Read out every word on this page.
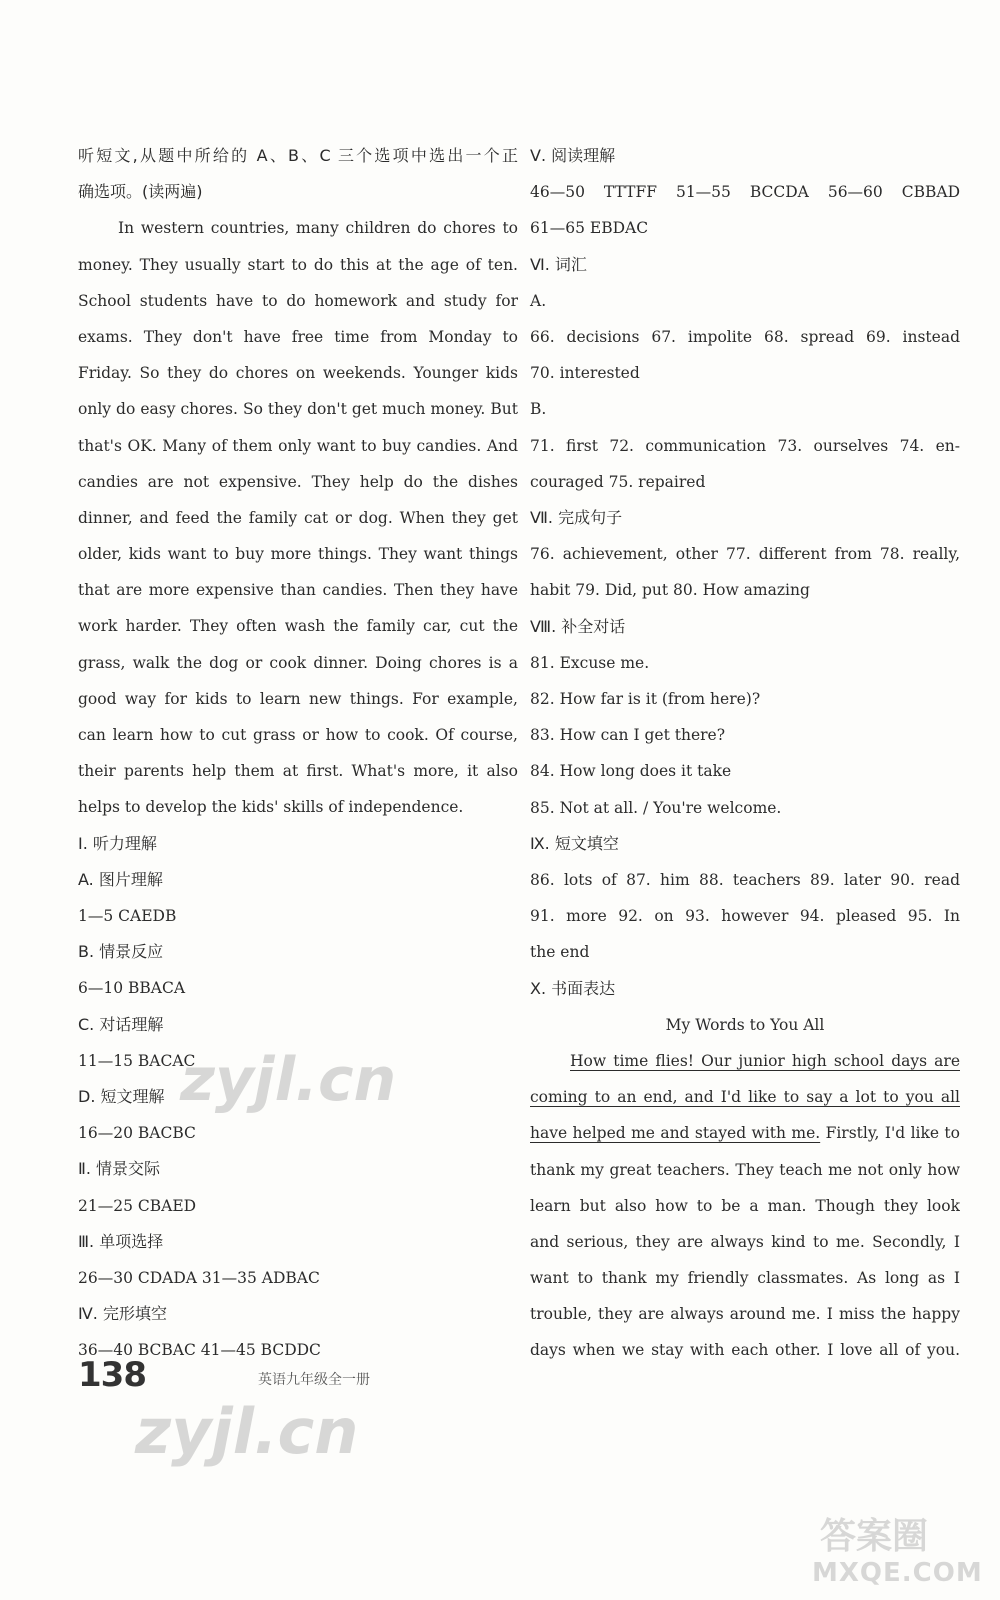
听短文,从题中所给的 A、B、C 三个选项中选出一个正
确选项。(读两遍)
In western countries, many children do chores to
money. They usually start to do this at the age of ten.
School students have to do homework and study for
exams. They don't have free time from Monday to
Friday. So they do chores on weekends. Younger kids
only do easy chores. So they don't get much money. But
that's OK. Many of them only want to buy candies. And
candies are not expensive. They help do the dishes
dinner, and feed the family cat or dog. When they get
older, kids want to buy more things. They want things
that are more expensive than candies. Then they have
work harder. They often wash the family car, cut the
grass, walk the dog or cook dinner. Doing chores is a
good way for kids to learn new things. For example,
can learn how to cut grass or how to cook. Of course,
their parents help them at first. What's more, it also
helps to develop the kids' skills of independence.
Ⅰ. 听力理解
A. 图片理解
1—5 CAEDB
B. 情景反应
6—10 BBACA
C. 对话理解
11—15 BACAC
D. 短文理解
16—20 BACBC
Ⅱ. 情景交际
21—25 CBAED
Ⅲ. 单项选择
26—30 CDADA 31—35 ADBAC
Ⅳ. 完形填空
36—40 BCBAC 41—45 BCDDC
Ⅴ. 阅读理解
46—50 TTTFF 51—55 BCCDA 56—60 CBBAD
61—65 EBDAC
Ⅵ. 词汇
A.
66. decisions 67. impolite 68. spread 69. instead
70. interested
B.
71. first 72. communication 73. ourselves 74. en-
couraged 75. repaired
Ⅶ. 完成句子
76. achievement, other 77. different from 78. really,
habit 79. Did, put 80. How amazing
Ⅷ. 补全对话
81. Excuse me.
82. How far is it (from here)?
83. How can I get there?
84. How long does it take
85. Not at all. / You're welcome.
Ⅸ. 短文填空
86. lots of 87. him 88. teachers 89. later 90. read
91. more 92. on 93. however 94. pleased 95. In
the end
Ⅹ. 书面表达
My Words to You All
How time flies! Our junior high school days are
coming to an end, and I'd like to say a lot to you all
have helped me and stayed with me. Firstly, I'd like to
thank my great teachers. They teach me not only how
learn but also how to be a man. Though they look
and serious, they are always kind to me. Secondly, I
want to thank my friendly classmates. As long as I
trouble, they are always around me. I miss the happy
days when we stay with each other. I love all of you.
138	英语九年级全一册
zyjl.cn
zyjl.cn
答案圈
MXQE.COM
